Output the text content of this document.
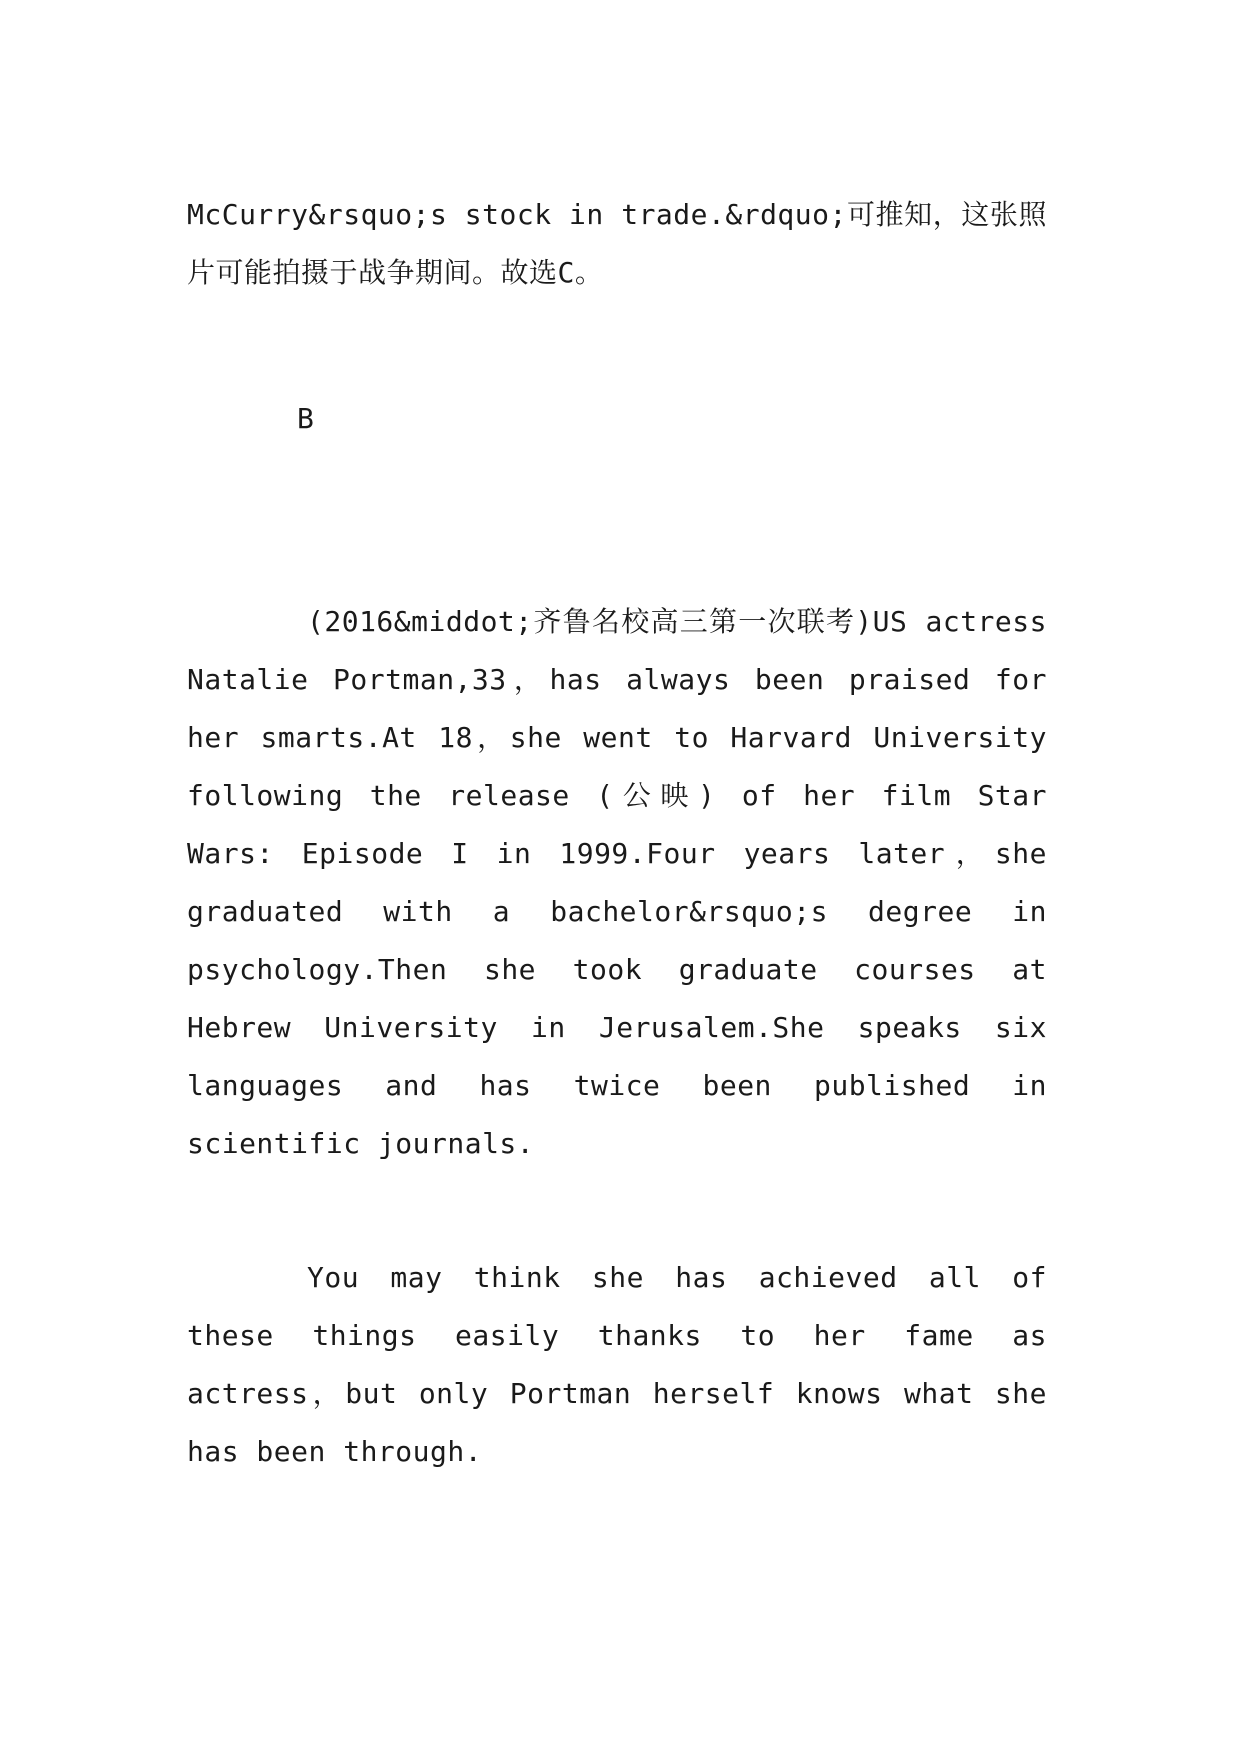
McCurry&rsquo;s stock in trade.&rdquo;可推知，这张照片可能拍摄于战争期间。故选C。

B

(2016&middot;齐鲁名校高三第一次联考)US actress Natalie Portman,33，has always been praised for her smarts.At 18，she went to Harvard University following the release (公映) of her film Star Wars: Episode I in 1999.Four years later，she graduated with a bachelor&rsquo;s degree in psychology.Then she took graduate courses at Hebrew University in Jerusalem.She speaks six languages and has twice been published in scientific journals.

You may think she has achieved all of these things easily thanks to her fame as actress，but only Portman herself knows what she has been through.
